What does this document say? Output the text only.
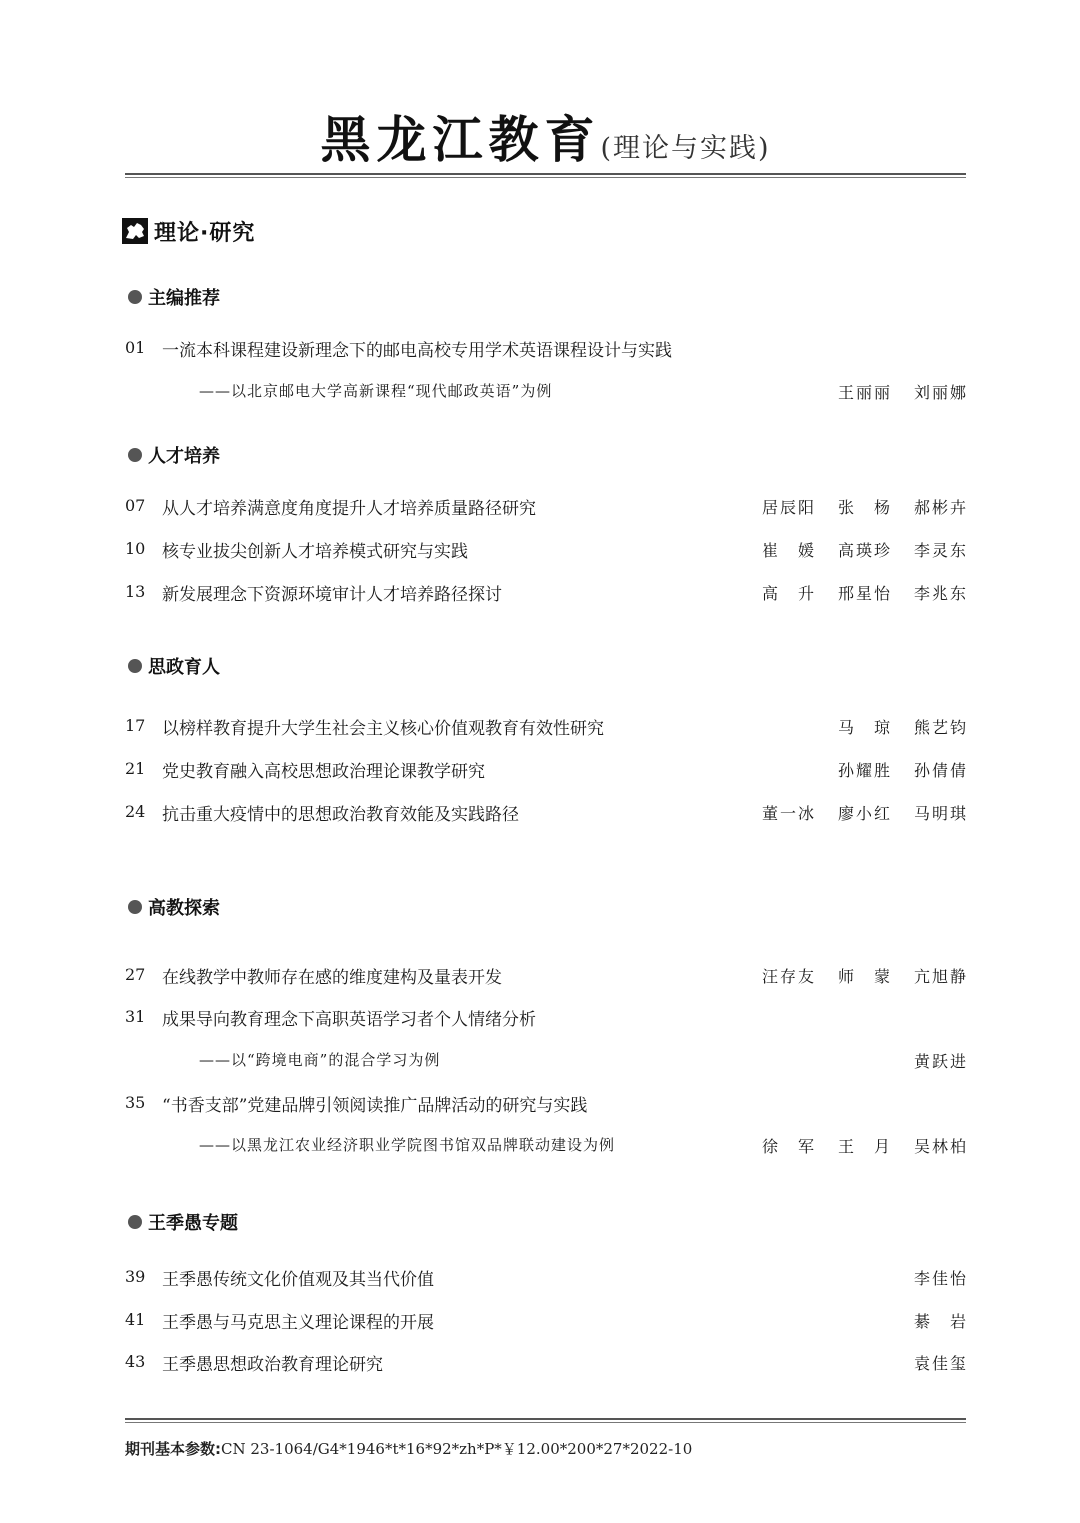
黑龙江教育(理论与实践)
理论·研究
主编推荐
01 一流本科课程建设新理念下的邮电高校专用学术英语课程设计与实践
——以北京邮电大学高新课程“现代邮政英语”为例	王丽丽	刘丽娜
人才培养
07 从人才培养满意度角度提升人才培养质量路径研究	居辰阳	张　杨	郝彬卉
10 核专业拔尖创新人才培养模式研究与实践	崔　媛	高瑛珍	李灵东
13 新发展理念下资源环境审计人才培养路径探讨	高　升	邢星怡	李兆东
思政育人
17 以榜样教育提升大学生社会主义核心价值观教育有效性研究	马　琼	熊艺钧
21 党史教育融入高校思想政治理论课教学研究	孙耀胜	孙倩倩
24 抗击重大疫情中的思想政治教育效能及实践路径	董一冰	廖小红	马明琪
高教探索
27 在线教学中教师存在感的维度建构及量表开发	汪存友	师　蒙	亢旭静
31 成果导向教育理念下高职英语学习者个人情绪分析
——以“跨境电商”的混合学习为例	黄跃进
35 “书香支部”党建品牌引领阅读推广品牌活动的研究与实践
——以黑龙江农业经济职业学院图书馆双品牌联动建设为例	徐　军	王　月	吴林柏
王季愚专题
39 王季愚传统文化价值观及其当代价值	李佳怡
41 王季愚与马克思主义理论课程的开展	綦　岩
43 王季愚思想政治教育理论研究	袁佳玺
期刊基本参数:CN 23-1064/G4*1946*t*16*92*zh*P*￥12.00*200*27*2022-10
